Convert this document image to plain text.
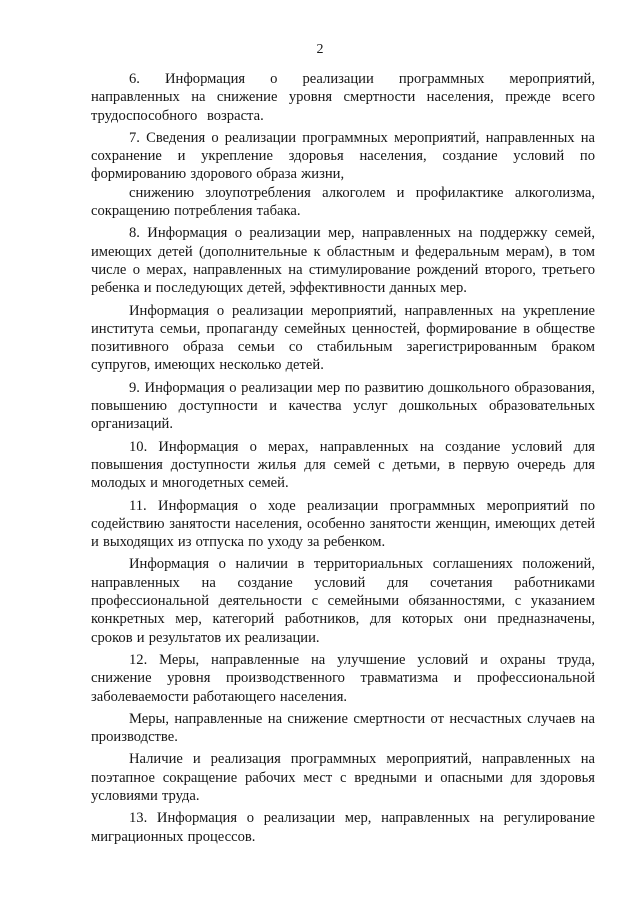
2

6. Информация о реализации программных мероприятий, направленных на снижение уровня смертности населения, прежде всего трудоспособного возраста.

7. Сведения о реализации программных мероприятий, направленных на сохранение и укрепление здоровья населения, создание условий по формированию здорового образа жизни,

снижению злоупотребления алкоголем и профилактике алкоголизма, сокращению потребления табака.

8. Информация о реализации мер, направленных на поддержку семей, имеющих детей (дополнительные к областным и федеральным мерам), в том числе о мерах, направленных на стимулирование рождений второго, третьего ребенка и последующих детей, эффективности данных мер.

Информация о реализации мероприятий, направленных на укрепление института семьи, пропаганду семейных ценностей, формирование в обществе позитивного образа семьи со стабильным зарегистрированным браком супругов, имеющих несколько детей.

9. Информация о реализации мер по развитию дошкольного образования, повышению доступности и качества услуг дошкольных образовательных организаций.

10. Информация о мерах, направленных на создание условий для повышения доступности жилья для семей с детьми, в первую очередь для молодых и многодетных семей.

11. Информация о ходе реализации программных мероприятий по содействию занятости населения, особенно занятости женщин, имеющих детей и выходящих из отпуска по уходу за ребенком.

Информация о наличии в территориальных соглашениях положений, направленных на создание условий для сочетания работниками профессиональной деятельности с семейными обязанностями, с указанием конкретных мер, категорий работников, для которых они предназначены, сроков и результатов их реализации.

12. Меры, направленные на улучшение условий и охраны труда, снижение уровня производственного травматизма и профессиональной заболеваемости работающего населения.

Меры, направленные на снижение смертности от несчастных случаев на производстве.

Наличие и реализация программных мероприятий, направленных на поэтапное сокращение рабочих мест с вредными и опасными для здоровья условиями труда.

13. Информация о реализации мер, направленных на регулирование миграционных процессов.
